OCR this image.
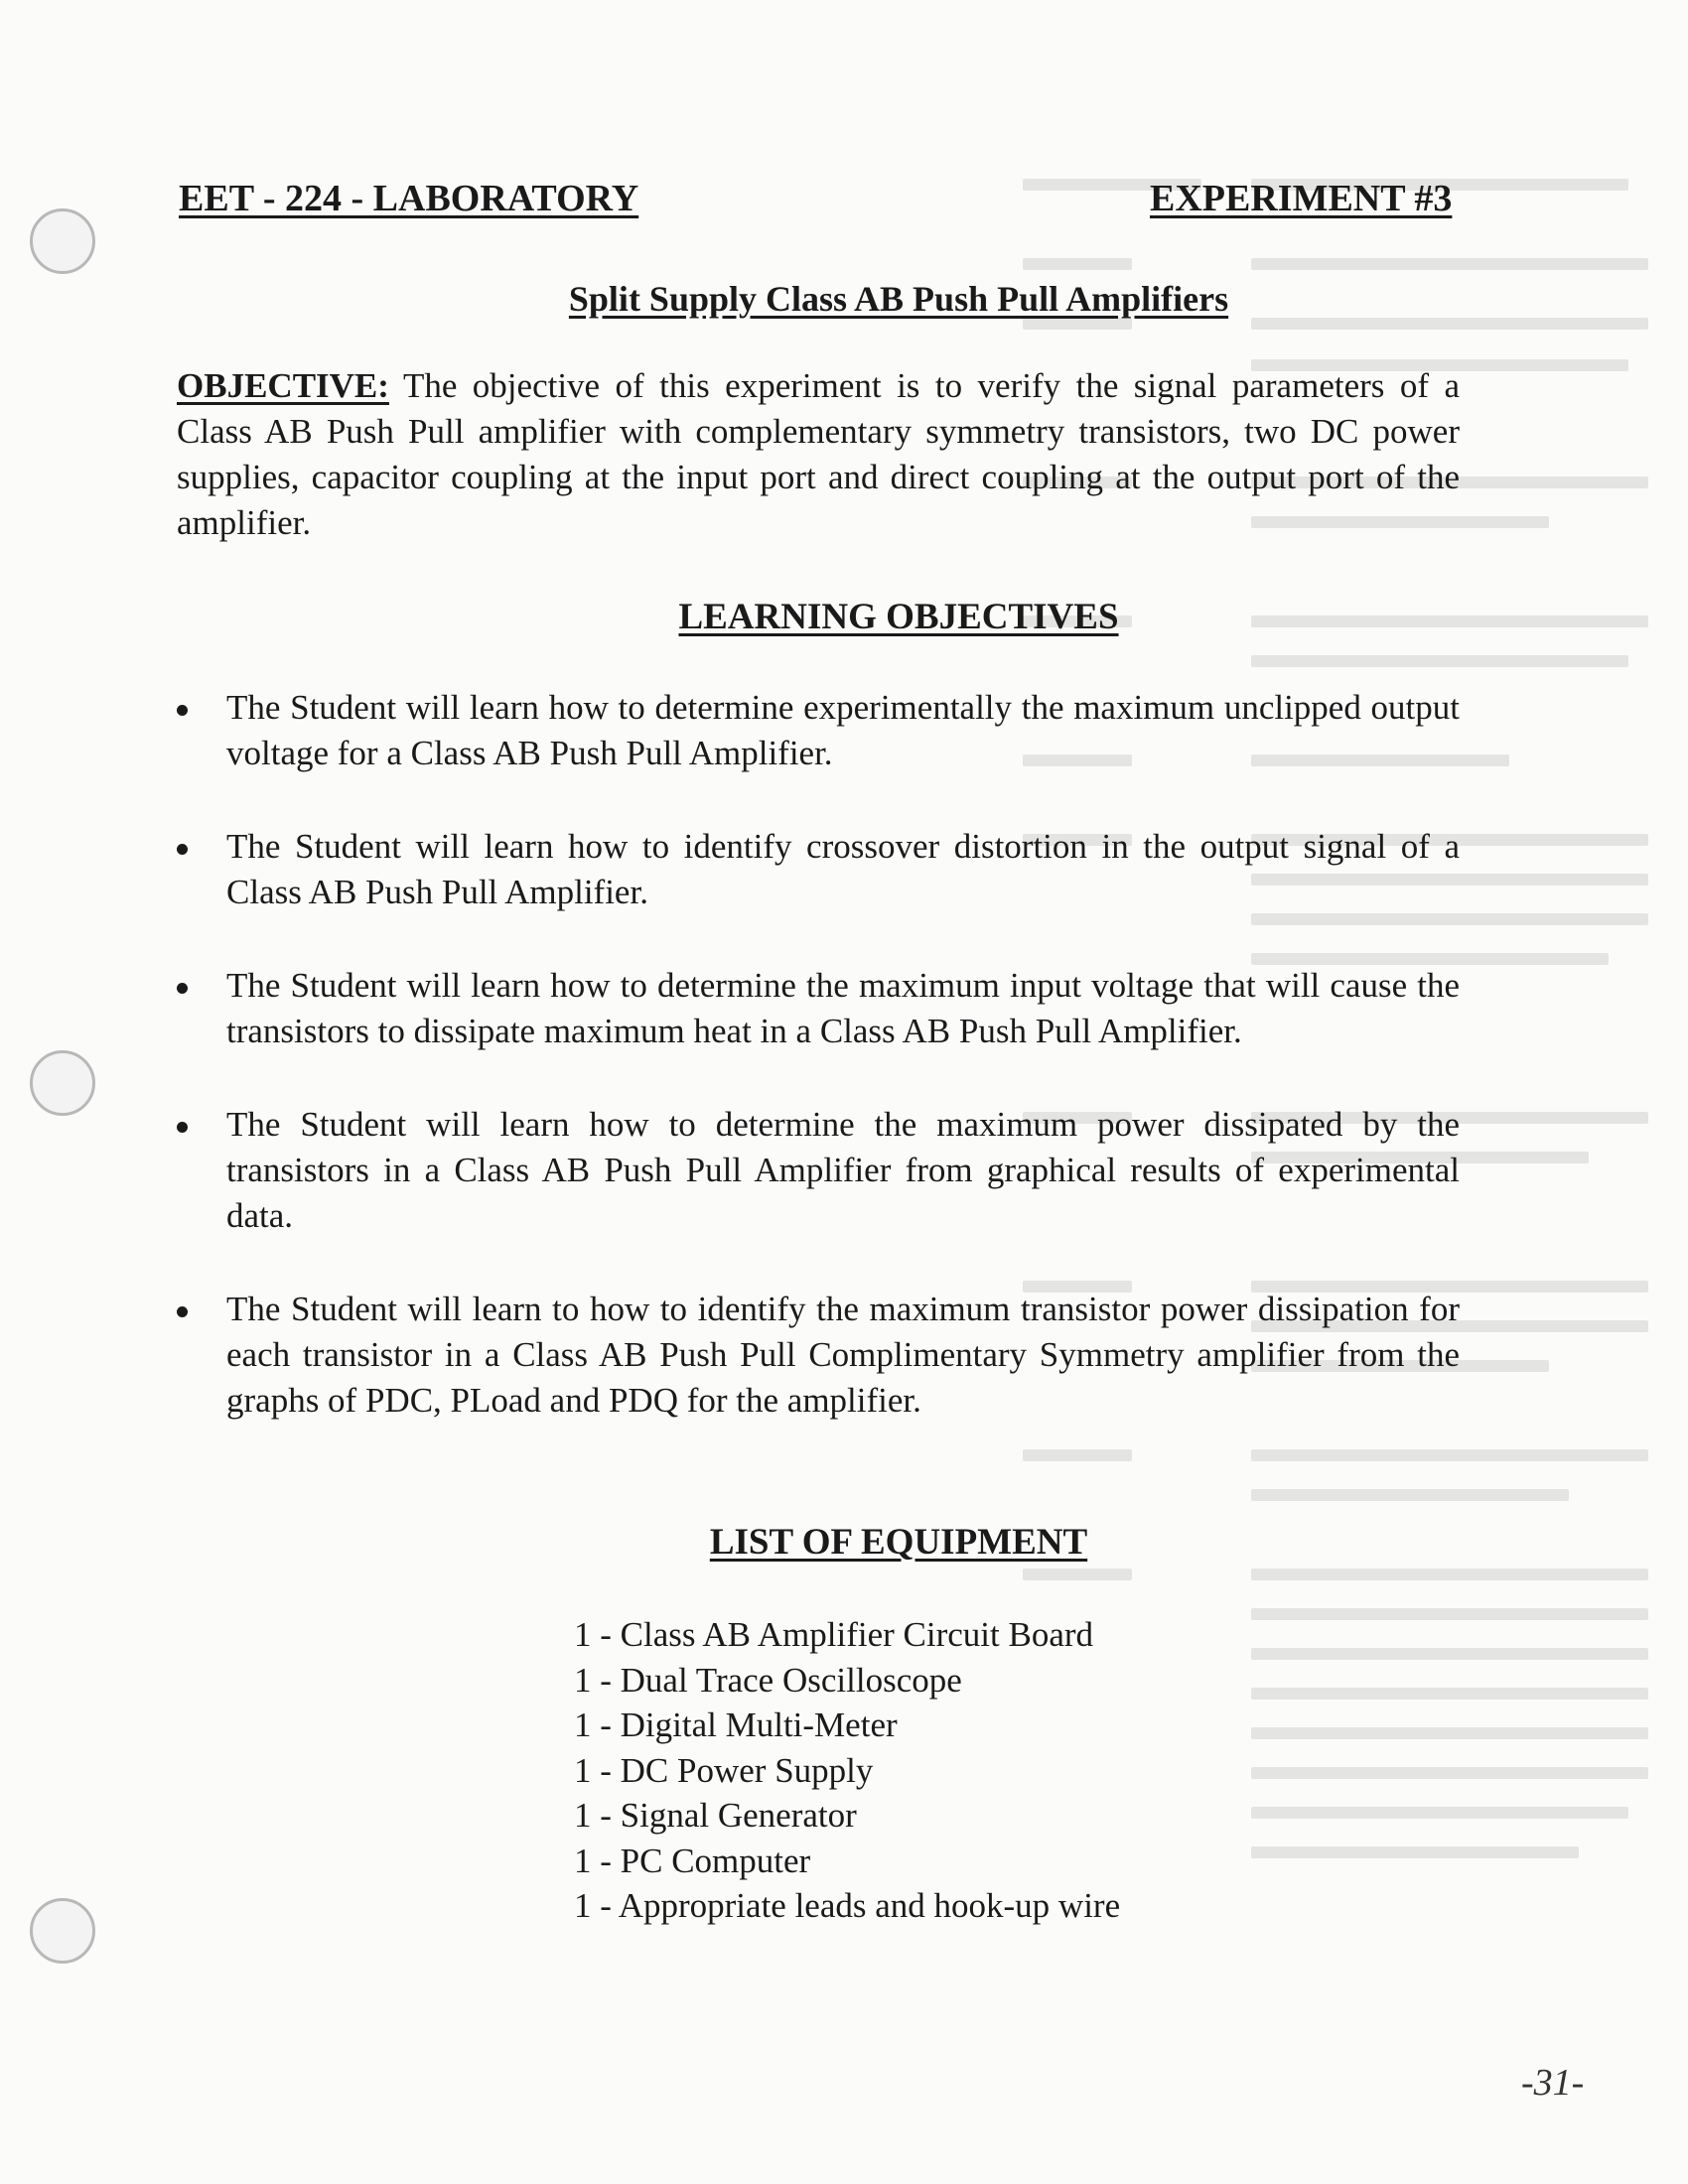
EET - 224 - LABORATORY	EXPERIMENT #3
Split Supply Class AB Push Pull Amplifiers
OBJECTIVE: The objective of this experiment is to verify the signal parameters of a Class AB Push Pull amplifier with complementary symmetry transistors, two DC power supplies, capacitor coupling at the input port and direct coupling at the output port of the amplifier.
LEARNING OBJECTIVES
The Student will learn how to determine experimentally the maximum unclipped output voltage for a Class AB Push Pull Amplifier.
The Student will learn how to identify crossover distortion in the output signal of a Class AB Push Pull Amplifier.
The Student will learn how to determine the maximum input voltage that will cause the transistors to dissipate maximum heat in a Class AB Push Pull Amplifier.
The Student will learn how to determine the maximum power dissipated by the transistors in a Class AB Push Pull Amplifier from graphical results of experimental data.
The Student will learn to how to identify the maximum transistor power dissipation for each transistor in a Class AB Push Pull Complimentary Symmetry amplifier from the graphs of PDC, PLoad and PDQ for the amplifier.
LIST OF EQUIPMENT
1 - Class AB Amplifier Circuit Board
1 - Dual Trace Oscilloscope
1 - Digital Multi-Meter
1 - DC Power Supply
1 - Signal Generator
1 - PC Computer
1 - Appropriate leads and hook-up wire
-31-
